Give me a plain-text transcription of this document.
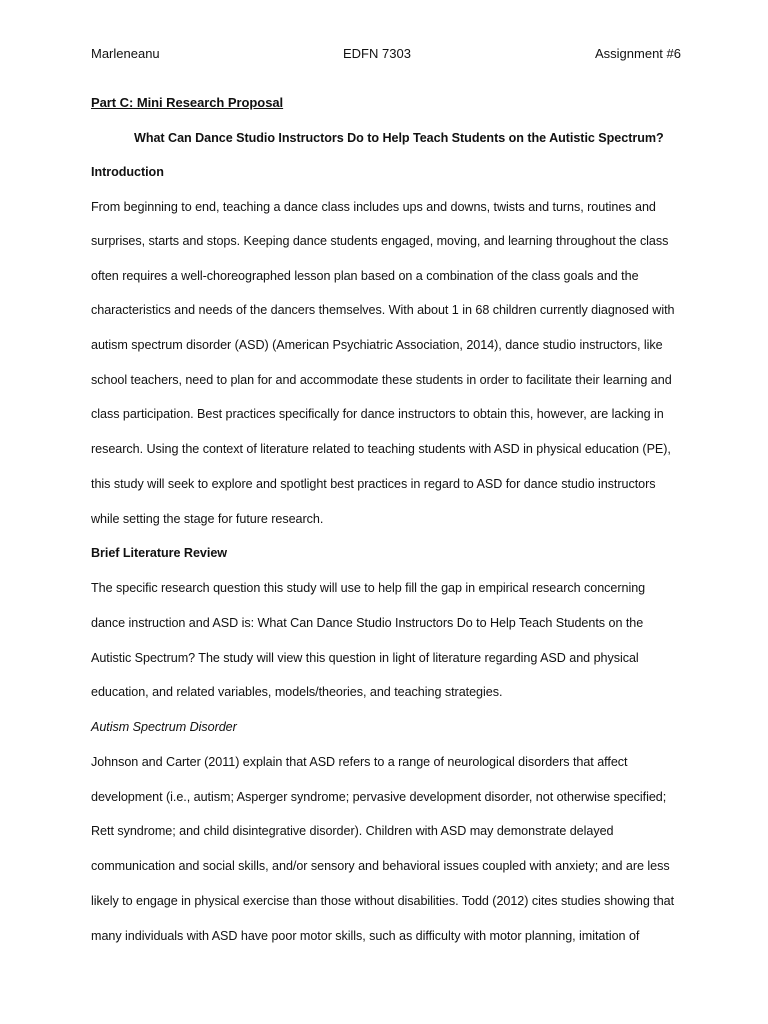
Marleneanu	EDFN 7303	Assignment #6
Part C: Mini Research Proposal
What Can Dance Studio Instructors Do to Help Teach Students on the Autistic Spectrum?
Introduction
From beginning to end, teaching a dance class includes ups and downs, twists and turns, routines and
surprises, starts and stops. Keeping dance students engaged, moving, and learning throughout the class
often requires a well-choreographed lesson plan based on a combination of the class goals and the
characteristics and needs of the dancers themselves. With about 1 in 68 children currently diagnosed with
autism spectrum disorder (ASD) (American Psychiatric Association, 2014), dance studio instructors, like
school teachers, need to plan for and accommodate these students in order to facilitate their learning and
class participation. Best practices specifically for dance instructors to obtain this, however, are lacking in
research. Using the context of literature related to teaching students with ASD in physical education (PE),
this study will seek to explore and spotlight best practices in regard to ASD for dance studio instructors
while setting the stage for future research.
Brief Literature Review
The specific research question this study will use to help fill the gap in empirical research concerning
dance instruction and ASD is: What Can Dance Studio Instructors Do to Help Teach Students on the
Autistic Spectrum? The study will view this question in light of literature regarding ASD and physical
education, and related variables, models/theories, and teaching strategies.
Autism Spectrum Disorder
Johnson and Carter (2011) explain that ASD refers to a range of neurological disorders that affect
development (i.e., autism; Asperger syndrome; pervasive development disorder, not otherwise specified;
Rett syndrome; and child disintegrative disorder). Children with ASD may demonstrate delayed
communication and social skills, and/or sensory and behavioral issues coupled with anxiety; and are less
likely to engage in physical exercise than those without disabilities. Todd (2012) cites studies showing that
many individuals with ASD have poor motor skills, such as difficulty with motor planning, imitation of
